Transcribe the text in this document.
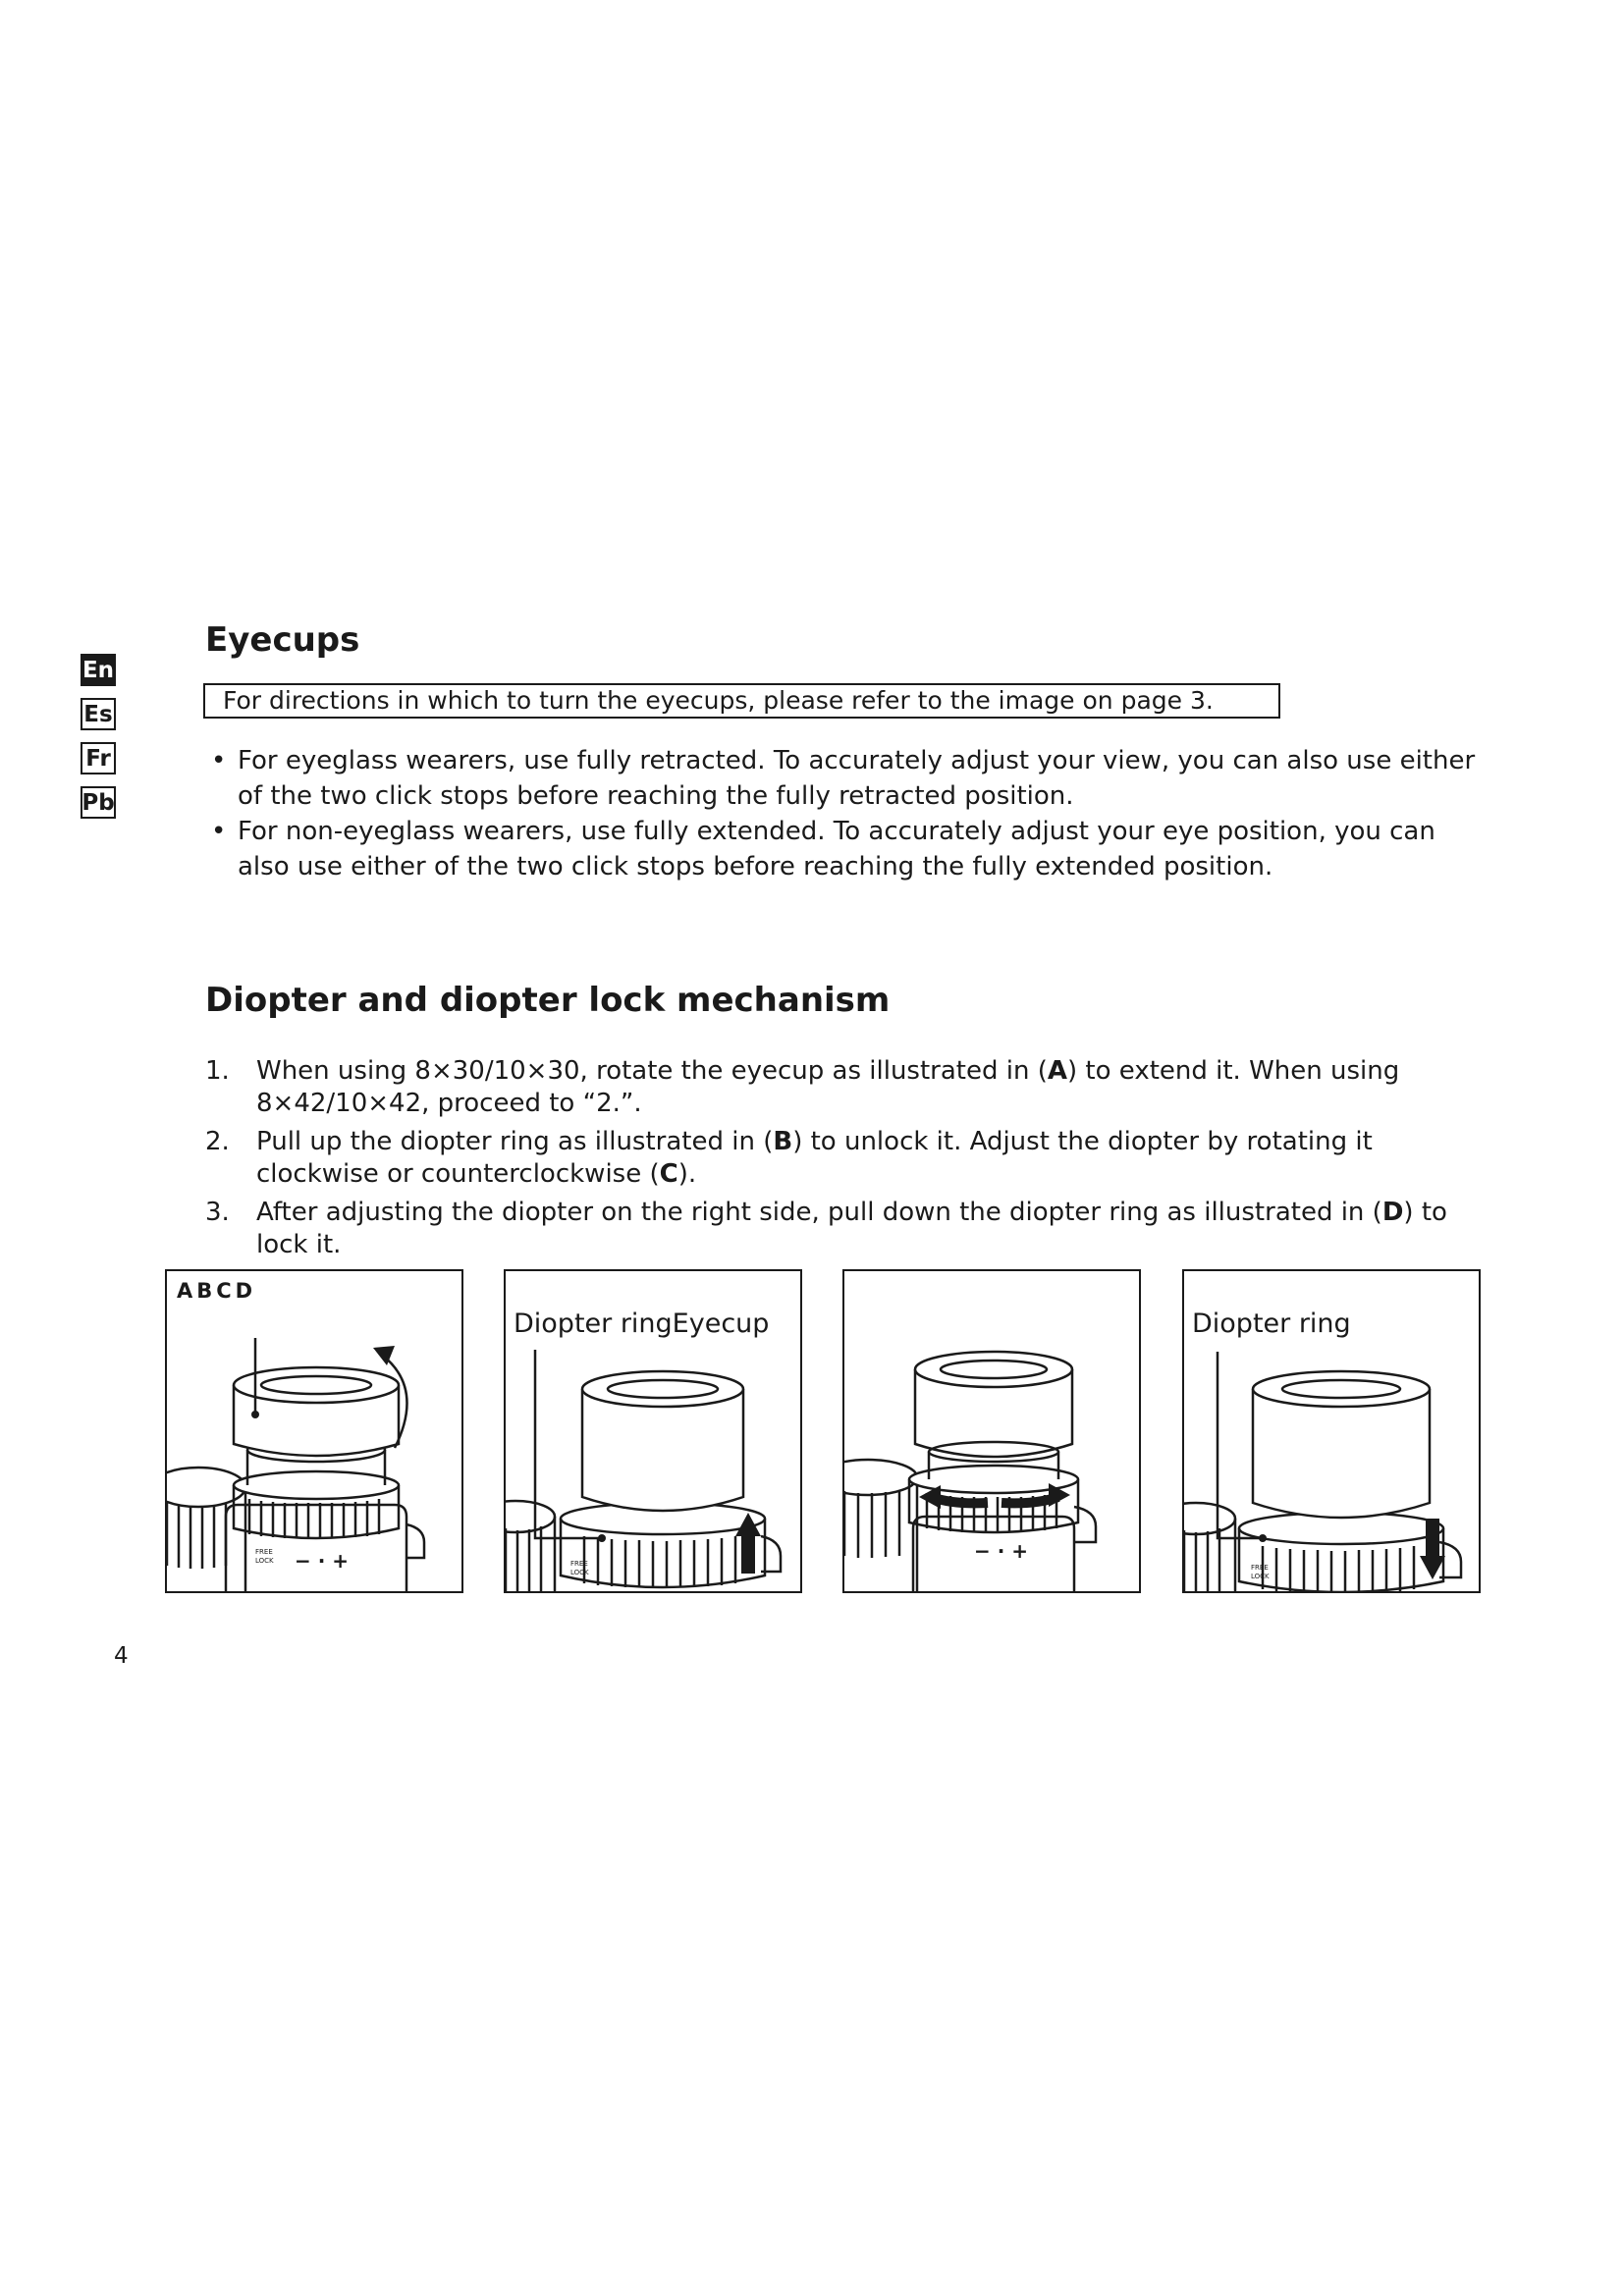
En
Es
Fr
Pb
Eyecups
For directions in which to turn the eyecups, please refer to the image on page 3.
• For eyeglass wearers, use fully retracted. To accurately adjust your view, you can also use either of the two click stops before reaching the fully retracted position.
• For non-eyeglass wearers, use fully extended. To accurately adjust your eye position, you can also use either of the two click stops before reaching the fully extended position.
Diopter and diopter lock mechanism
1. When using 8×30/10×30, rotate the eyecup as illustrated in (A) to extend it. When using 8×42/10×42, proceed to “2.”.
2. Pull up the diopter ring as illustrated in (B) to unlock it. Adjust the diopter by rotating it clockwise or counterclockwise (C).
3. After adjusting the diopter on the right side, pull down the diopter ring as illustrated in (D) to lock it.
ABCD
− · +
FREE
LOCK	FREE
LOCK
Diopter ringEyecup
− · +
FREE
LOCK
Diopter ring
4
